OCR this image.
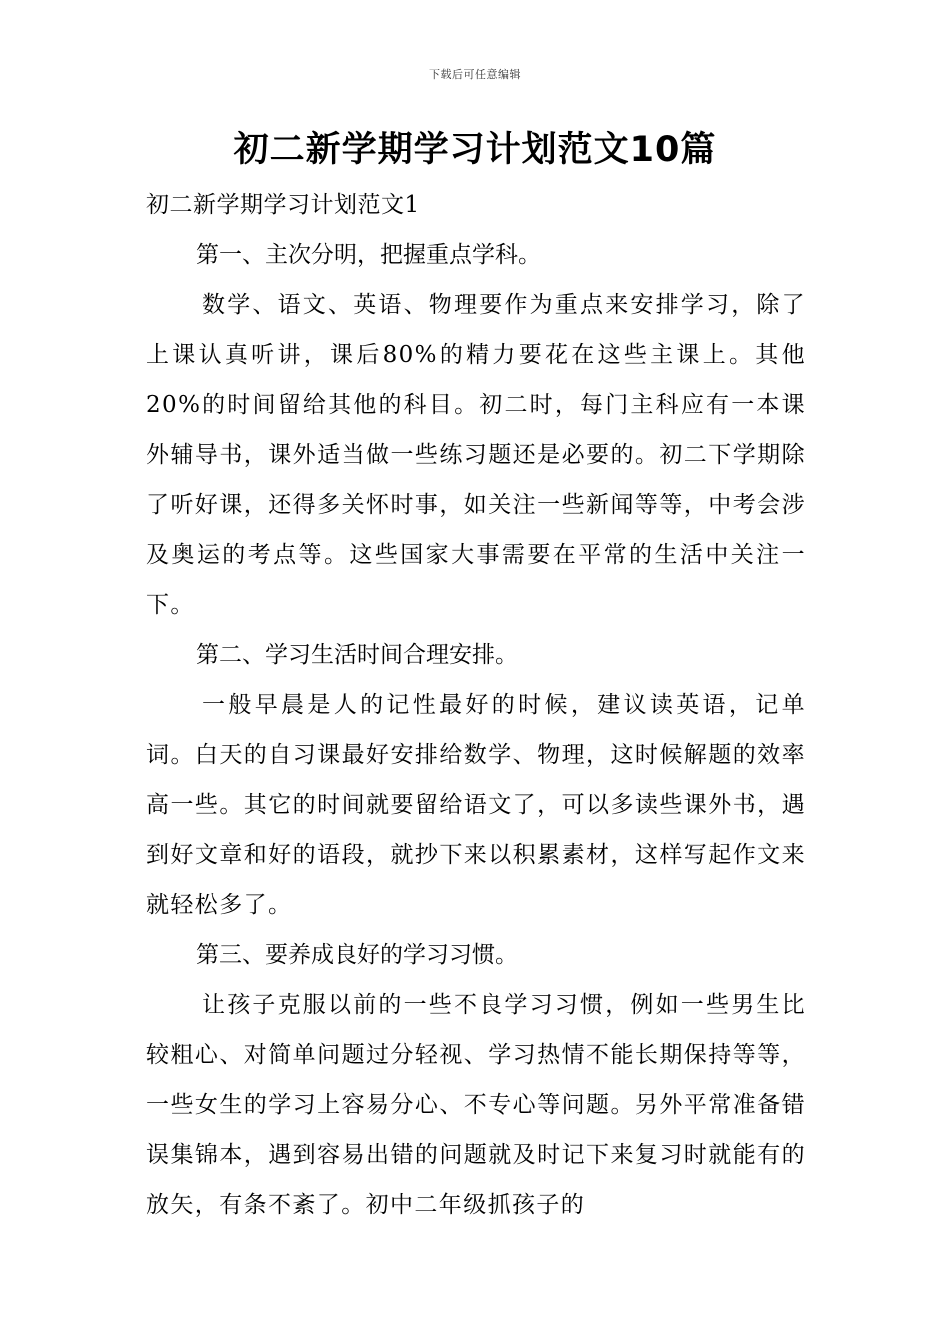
下载后可任意编辑
初二新学期学习计划范文10篇

初二新学期学习计划范文1

第一、主次分明，把握重点学科。

数学、语文、英语、物理要作为重点来安排学习，除了上课认真听讲，课后80%的精力要花在这些主课上。其他20%的时间留给其他的科目。初二时，每门主科应有一本课外辅导书，课外适当做一些练习题还是必要的。初二下学期除了听好课，还得多关怀时事，如关注一些新闻等等，中考会涉及奥运的考点等。这些国家大事需要在平常的生活中关注一下。

第二、学习生活时间合理安排。

一般早晨是人的记性最好的时候，建议读英语，记单词。白天的自习课最好安排给数学、物理，这时候解题的效率高一些。其它的时间就要留给语文了，可以多读些课外书，遇到好文章和好的语段，就抄下来以积累素材，这样写起作文来就轻松多了。

第三、要养成良好的学习习惯。

让孩子克服以前的一些不良学习习惯，例如一些男生比较粗心、对简单问题过分轻视、学习热情不能长期保持等等，一些女生的学习上容易分心、不专心等问题。另外平常准备错误集锦本，遇到容易出错的问题就及时记下来复习时就能有的放矢，有条不紊了。初中二年级抓孩子的
